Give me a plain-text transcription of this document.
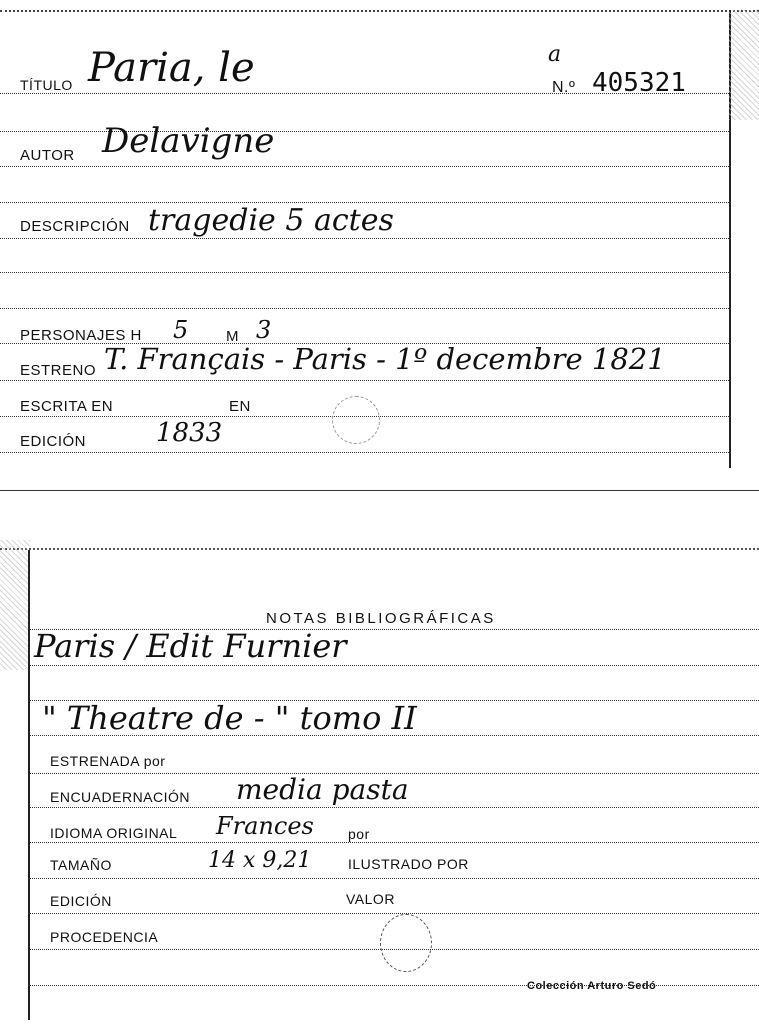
TÍTULO Paria, le	a
N.º 405321
AUTOR Delavigne
DESCRIPCIÓN tragedie 5 actes
PERSONAJES H 5	M 3
ESTRENO T. Français - Paris - 1º decembre 1821
ESCRITA EN	EN
EDICIÓN	1833
NOTAS BIBLIOGRÁFICAS
Paris / Edit Furnier
" Theatre de - " tomo II
ESTRENADA por
ENCUADERNACIÓN media pasta
IDIOMA ORIGINAL Frances por
TAMAÑO	14 x 9,21	ILUSTRADO POR
EDICIÓN	VALOR
PROCEDENCIA
Colección Arturo Sedó
